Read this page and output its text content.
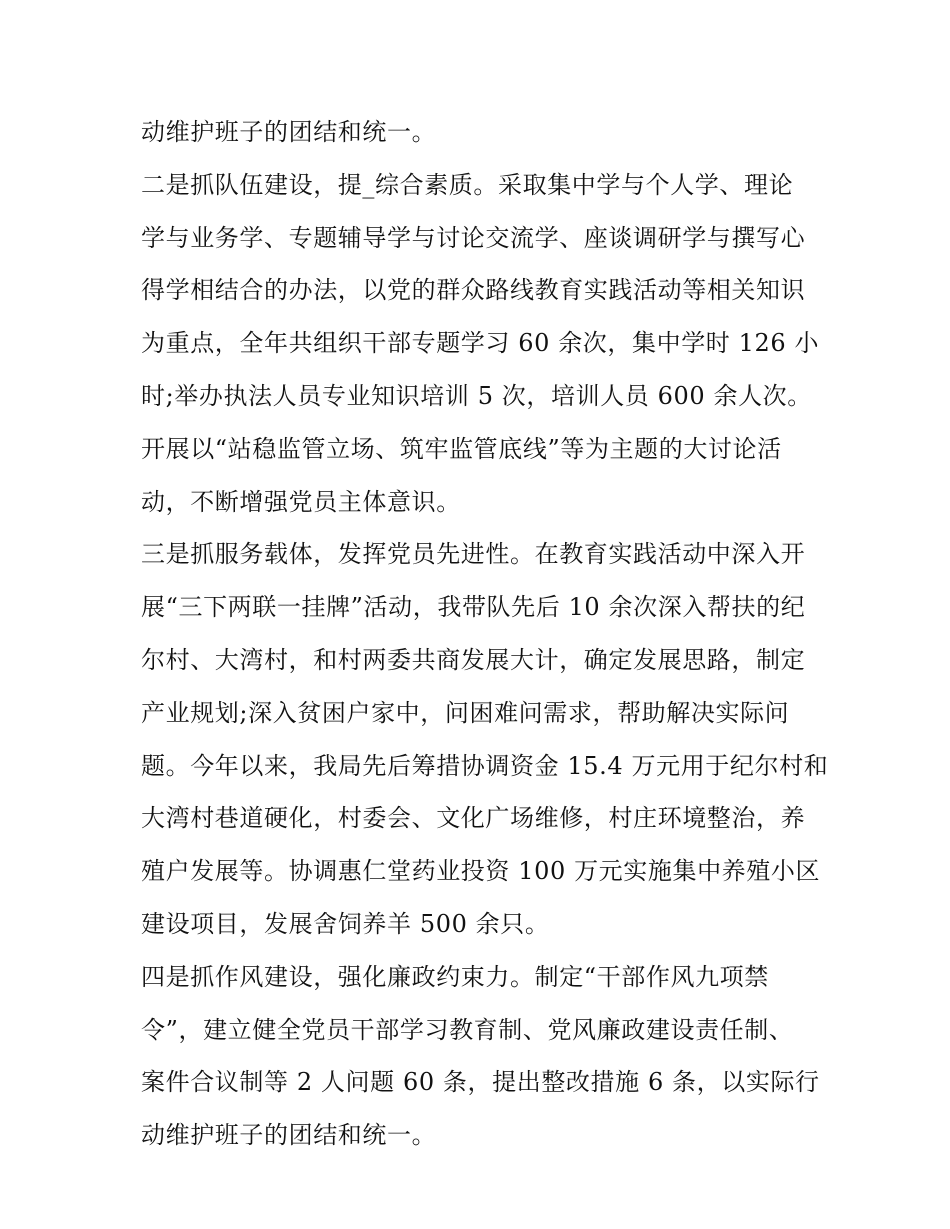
动维护班子的团结和统一。
二是抓队伍建设，提_综合素质。采取集中学与个人学、理论
学与业务学、专题辅导学与讨论交流学、座谈调研学与撰写心
得学相结合的办法，以党的群众路线教育实践活动等相关知识
为重点，全年共组织干部专题学习 60 余次，集中学时 126 小
时;举办执法人员专业知识培训 5 次，培训人员 600 余人次。
开展以“站稳监管立场、筑牢监管底线”等为主题的大讨论活
动，不断增强党员主体意识。
三是抓服务载体，发挥党员先进性。在教育实践活动中深入开
展“三下两联一挂牌”活动，我带队先后 10 余次深入帮扶的纪
尔村、大湾村，和村两委共商发展大计，确定发展思路，制定
产业规划;深入贫困户家中，问困难问需求，帮助解决实际问
题。今年以来，我局先后筹措协调资金 15.4 万元用于纪尔村和
大湾村巷道硬化，村委会、文化广场维修，村庄环境整治，养
殖户发展等。协调惠仁堂药业投资 100 万元实施集中养殖小区
建设项目，发展舍饲养羊 500 余只。
四是抓作风建设，强化廉政约束力。制定“干部作风九项禁
令”，建立健全党员干部学习教育制、党风廉政建设责任制、
案件合议制等 2 人问题 60 条，提出整改措施 6 条，以实际行
动维护班子的团结和统一。
